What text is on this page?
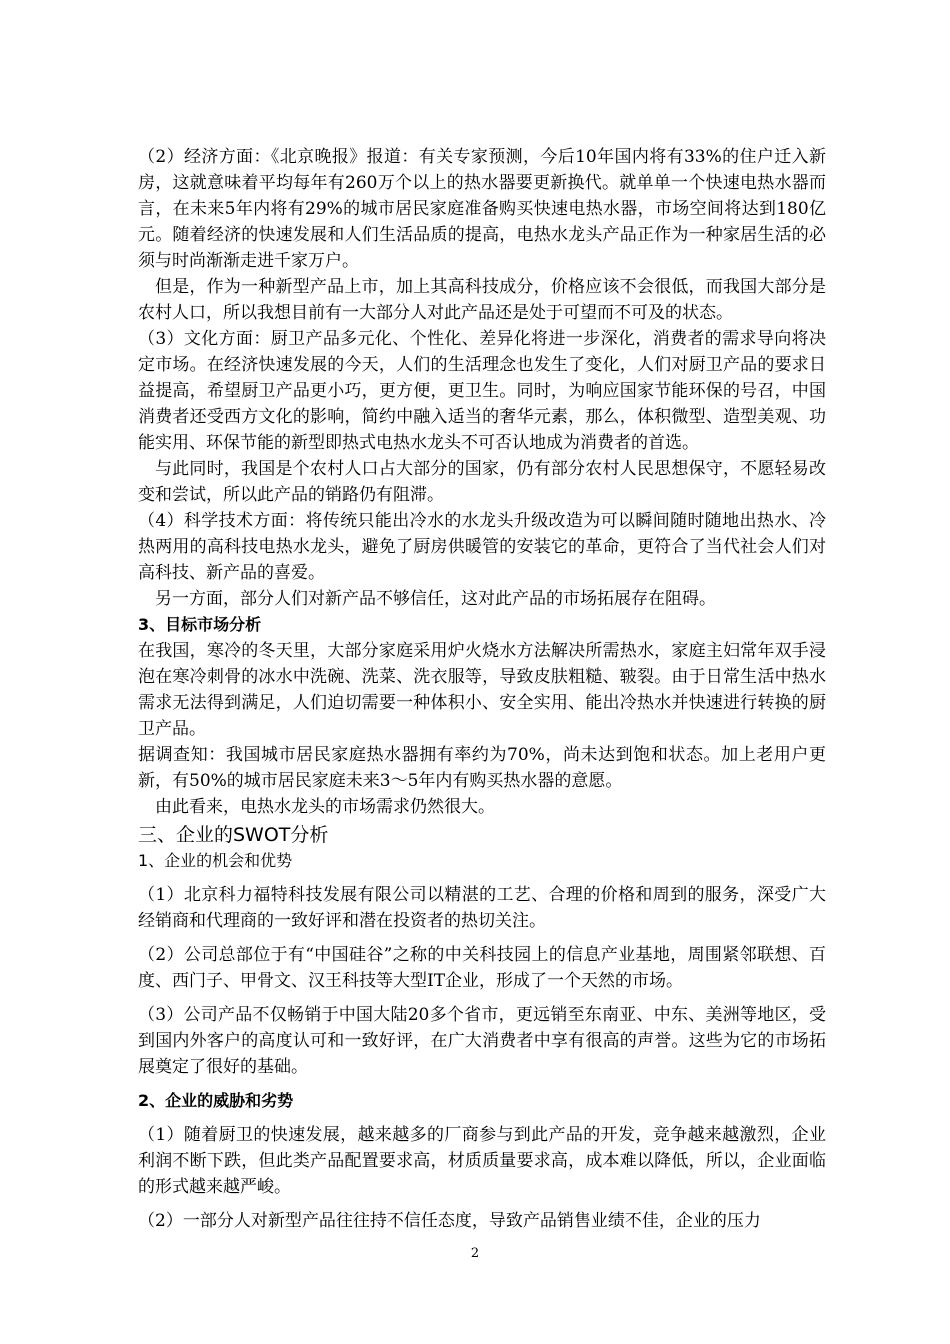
（2）经济方面：《北京晚报》报道：有关专家预测，今后10年国内将有33%的住户迁入新房，这就意味着平均每年有260万个以上的热水器要更新换代。就单单一个快速电热水器而言，在未来5年内将有29%的城市居民家庭准备购买快速电热水器，市场空间将达到180亿元。随着经济的快速发展和人们生活品质的提高，电热水龙头产品正作为一种家居生活的必须与时尚渐渐走进千家万户。

但是，作为一种新型产品上市，加上其高科技成分，价格应该不会很低，而我国大部分是农村人口，所以我想目前有一大部分人对此产品还是处于可望而不可及的状态。

（3）文化方面：厨卫产品多元化、个性化、差异化将进一步深化，消费者的需求导向将决定市场。在经济快速发展的今天，人们的生活理念也发生了变化，人们对厨卫产品的要求日益提高，希望厨卫产品更小巧，更方便，更卫生。同时，为响应国家节能环保的号召，中国消费者还受西方文化的影响，简约中融入适当的奢华元素，那么，体积微型、造型美观、功能实用、环保节能的新型即热式电热水龙头不可否认地成为消费者的首选。

与此同时，我国是个农村人口占大部分的国家，仍有部分农村人民思想保守，不愿轻易改变和尝试，所以此产品的销路仍有阻滞。

（4）科学技术方面：将传统只能出冷水的水龙头升级改造为可以瞬间随时随地出热水、冷热两用的高科技电热水龙头，避免了厨房供暖管的安装它的革命，更符合了当代社会人们对高科技、新产品的喜爱。

另一方面，部分人们对新产品不够信任，这对此产品的市场拓展存在阻碍。

3、目标市场分析

在我国，寒冷的冬天里，大部分家庭采用炉火烧水方法解决所需热水，家庭主妇常年双手浸泡在寒冷刺骨的冰水中洗碗、洗菜、洗衣服等，导致皮肤粗糙、皲裂。由于日常生活中热水需求无法得到满足，人们迫切需要一种体积小、安全实用、能出冷热水并快速进行转换的厨卫产品。

据调查知：我国城市居民家庭热水器拥有率约为70%，尚未达到饱和状态。加上老用户更新，有50%的城市居民家庭未来3～5年内有购买热水器的意愿。

由此看来，电热水龙头的市场需求仍然很大。

三、企业的SWOT分析

1、企业的机会和优势

（1）北京科力福特科技发展有限公司以精湛的工艺、合理的价格和周到的服务，深受广大经销商和代理商的一致好评和潜在投资者的热切关注。

（2）公司总部位于有“中国硅谷”之称的中关科技园上的信息产业基地，周围紧邻联想、百度、西门子、甲骨文、汉王科技等大型IT企业，形成了一个天然的市场。

（3）公司产品不仅畅销于中国大陆20多个省市，更远销至东南亚、中东、美洲等地区，受到国内外客户的高度认可和一致好评，在广大消费者中享有很高的声誉。这些为它的市场拓展奠定了很好的基础。

2、企业的威胁和劣势

（1）随着厨卫的快速发展，越来越多的厂商参与到此产品的开发，竞争越来越激烈，企业利润不断下跌，但此类产品配置要求高，材质质量要求高，成本难以降低，所以，企业面临的形式越来越严峻。

（2）一部分人对新型产品往往持不信任态度，导致产品销售业绩不佳，企业的压力

2
